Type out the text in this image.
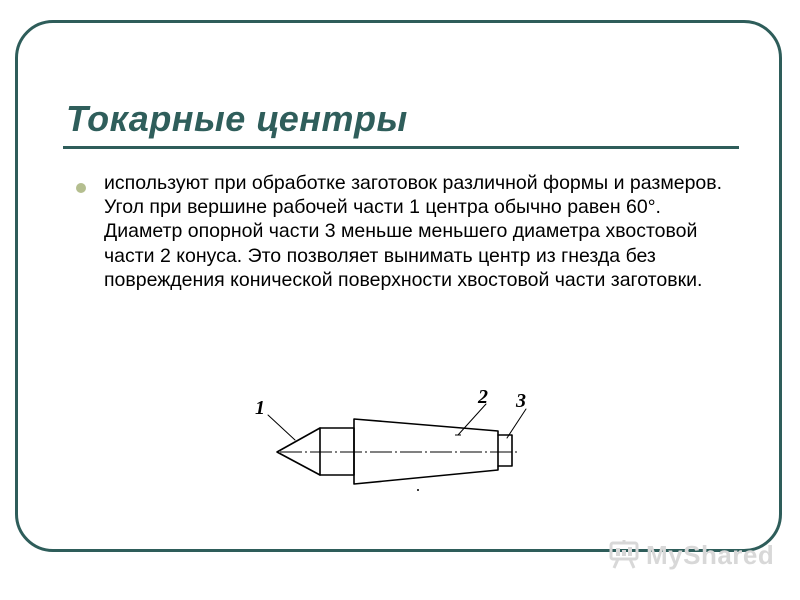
Токарные центры
используют при обработке заготовок различной формы и размеров. Угол при вершине рабочей части 1 центра обычно равен 60°. Диаметр опорной части 3 меньше меньшего диаметра хвостовой части 2 конуса. Это позволяет вынимать центр из гнезда без повреждения конической поверхности хвостовой части заготовки.
1	2 3
MyShared
